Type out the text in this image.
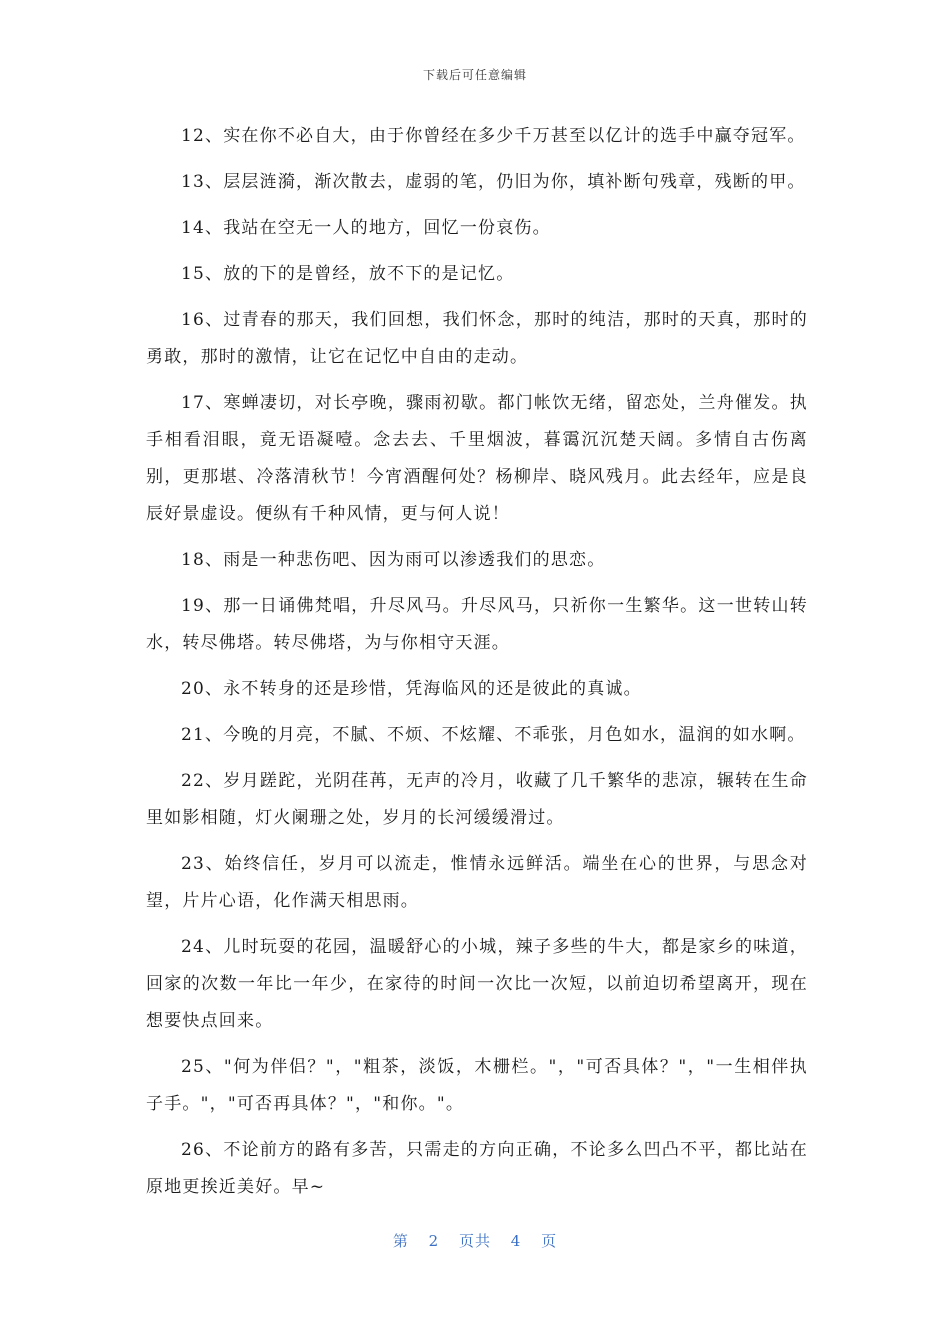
下载后可任意编辑

12、实在你不必自大，由于你曾经在多少千万甚至以亿计的选手中赢夺冠军。

13、层层涟漪，渐次散去，虚弱的笔，仍旧为你，填补断句残章，残断的甲。

14、我站在空无一人的地方，回忆一份哀伤。

15、放的下的是曾经，放不下的是记忆。

16、过青春的那天，我们回想，我们怀念，那时的纯洁，那时的天真，那时的勇敢，那时的激情，让它在记忆中自由的走动。

17、寒蝉凄切，对长亭晚，骤雨初歇。都门帐饮无绪，留恋处，兰舟催发。执手相看泪眼，竟无语凝噎。念去去、千里烟波，暮霭沉沉楚天阔。多情自古伤离别，更那堪、冷落清秋节！今宵酒醒何处？杨柳岸、晓风残月。此去经年，应是良辰好景虚设。便纵有千种风情，更与何人说！

18、雨是一种悲伤吧、因为雨可以渗透我们的思恋。

19、那一日诵佛梵唱，升尽风马。升尽风马，只祈你一生繁华。这一世转山转水，转尽佛塔。转尽佛塔，为与你相守天涯。

20、永不转身的还是珍惜，凭海临风的还是彼此的真诚。

21、今晚的月亮，不腻、不烦、不炫耀、不乖张，月色如水，温润的如水啊。

22、岁月蹉跎，光阴荏苒，无声的冷月，收藏了几千繁华的悲凉，辗转在生命里如影相随，灯火阑珊之处，岁月的长河缓缓滑过。

23、始终信任，岁月可以流走，惟情永远鲜活。端坐在心的世界，与思念对望，片片心语，化作满天相思雨。

24、儿时玩耍的花园，温暖舒心的小城，辣子多些的牛大，都是家乡的味道，回家的次数一年比一年少，在家待的时间一次比一次短，以前迫切希望离开，现在想要快点回来。

25、"何为伴侣？"，"粗茶，淡饭，木栅栏。"，"可否具体？"，"一生相伴执子手。"，"可否再具体？"，"和你。"。

26、不论前方的路有多苦，只需走的方向正确，不论多么凹凸不平，都比站在原地更挨近美好。早~

第 2 页共 4 页
